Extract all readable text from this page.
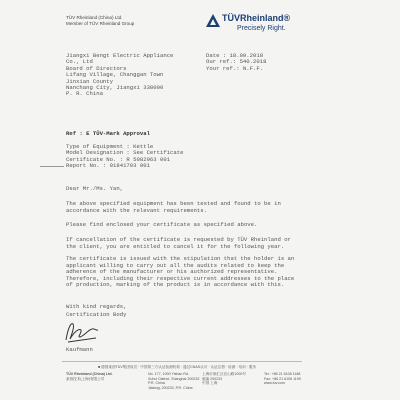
TÜV Rheinland (China) Ltd.
Member of TÜV Rheinland Group
TÜVRheinland®
Precisely Right.
Jiangxi Bengt Electric Appliance
Co., Ltd
Board of Directors
Lifang Village, Changgan Town
Jinxian County
Nanchang City, Jiangxi 330000
P. R. China
Date : 18.09.2018
Our ref.: 540.2018
Your ref.: N.F.F.
Ref : E TÜV-Mark Approval
Type of Equipment : Kettle
Model Designation : See Certificate
Certificate No. : R 5082963 001
Report No. : 01841703 001
Dear Mr./Ms. Yan,
The above specified equipment has been tested and found to be in accordance with the relevant requirements.
Please find enclosed your certificate as specified above.
If cancellation of the certificate is requested by TÜV Rheinland or the client, you are entitled to cancel it for the following year.
The certificate is issued with the stipulation that the holder is an applicant willing to carry out all the audits related to keep the adherence of the manufacturer or his authorized representative. Therefore, including their respective current addresses to the place of production, marking of the product is in accordance with this.
With kind regards,
Certification Body
Kaufmann
■ 德国莱茵TÜV集团成员 · 中国第三方认证检测机构 · 通过CNAS认可 · 认证注册 · 检测 · 培训 · 服务
TÜV Rheinland (China) Ltd.
莱茵技术(上海)有限公司
No. 177, 1000 Yishan Rd.
Xuhui District, Shanghai 200233
P.R. China
Jiatong, 200233, P.R. China
上海市徐汇区宜山路1000号
邮编 200233
中国 上海
Tel.: +86 21 6108 1188
Fax: +86 21 6108 1199
www.tuv.com
